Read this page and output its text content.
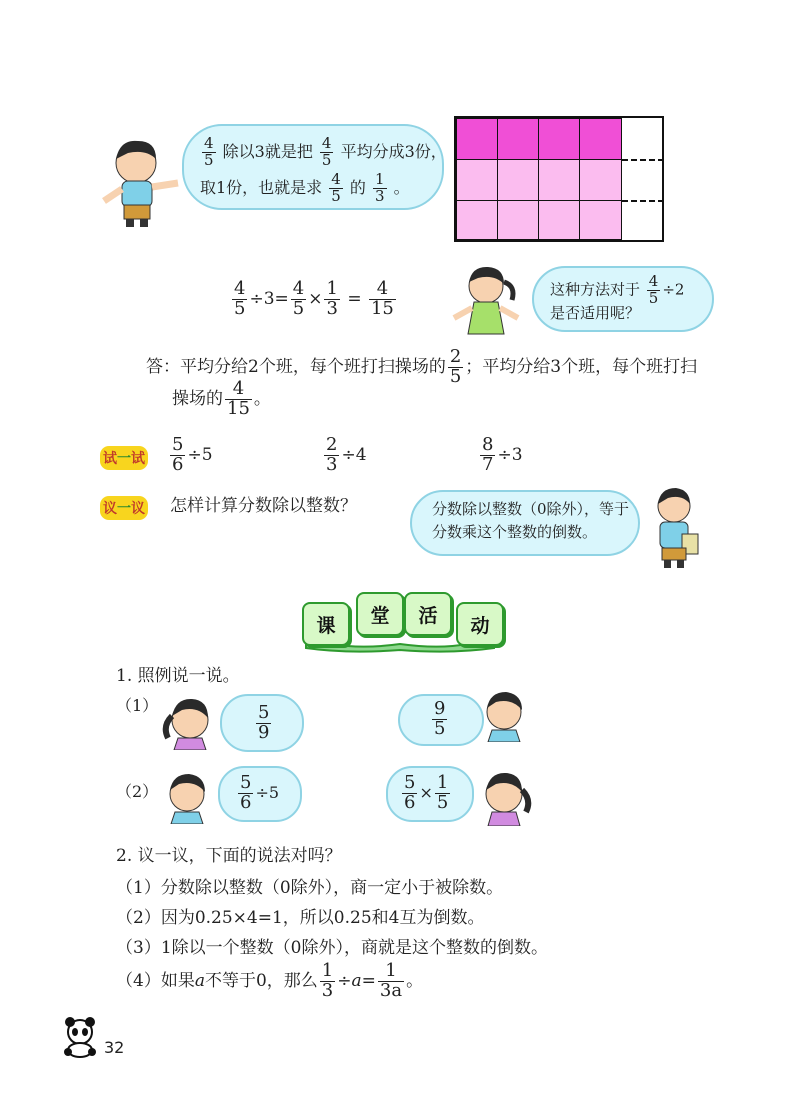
$\frac{4}{5}$ 除以3就是把 $\frac{4}{5}$ 平均分成3份，
取1份，也就是求 $\frac{4}{5}$ 的 $\frac{1}{3}$ 。
$\frac{4}{5} \div 3= \frac{4}{5} \times \frac{1}{3} = \frac{4}{15}$	这种方法对于 $\frac{4}{5} \div 2$
是否适用呢？
答：平均分给2个班，每个班打扫操场的 $\frac{2}{5}$ ；平均分给3个班，每个班打扫
操场的 $\frac{4}{15}$ 。
试一试 $\frac{5}{6} \div 5$	$\frac{2}{3} \div 4$	$\frac{8}{7} \div 3$
议一议 怎样计算分数除以整数？	分数除以整数（0除外），等于
分数乘这个整数的倒数。
课	堂	活	动
1. 照例说一说。
（1）	$\frac{5}{9}$	$\frac{9}{5}$
（2）	$\frac{5}{6} \div 5$	$\frac{5}{6} \times \frac{1}{5}$
2. 议一议，下面的说法对吗？
（1）分数除以整数（0除外），商一定小于被除数。
（2）因为0.25×4=1，所以0.25和4互为倒数。
（3）1除以一个整数（0除外），商就是这个整数的倒数。
（4）如果a不等于0，那么 $\frac{1}{3} \div a= \frac{1}{3a}$ 。
32
